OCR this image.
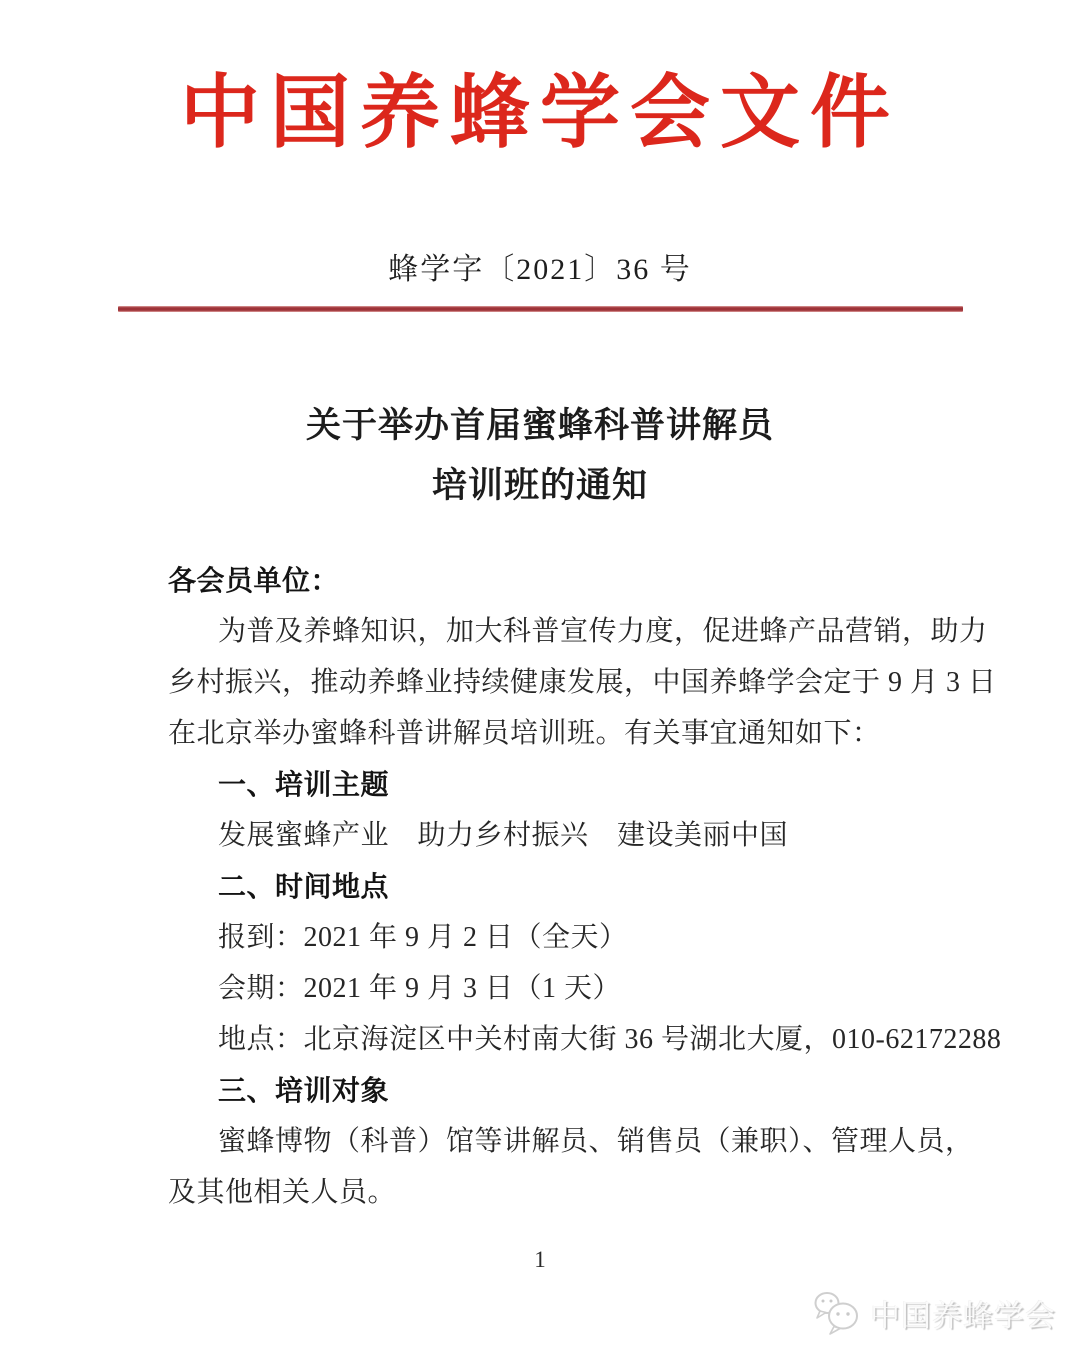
中国养蜂学会文件
蜂学字〔2021〕36 号
关于举办首届蜜蜂科普讲解员
培训班的通知
各会员单位：
为普及养蜂知识，加大科普宣传力度，促进蜂产品营销，助力
乡村振兴，推动养蜂业持续健康发展，中国养蜂学会定于 9 月 3 日
在北京举办蜜蜂科普讲解员培训班。有关事宜通知如下：
一、培训主题
发展蜜蜂产业　助力乡村振兴　建设美丽中国
二、时间地点
报到：2021 年 9 月 2 日（全天）
会期：2021 年 9 月 3 日（1 天）
地点：北京海淀区中关村南大街 36 号湖北大厦，010-62172288
三、培训对象
蜜蜂博物（科普）馆等讲解员、销售员（兼职）、管理人员，
及其他相关人员。
1
中国养蜂学会
